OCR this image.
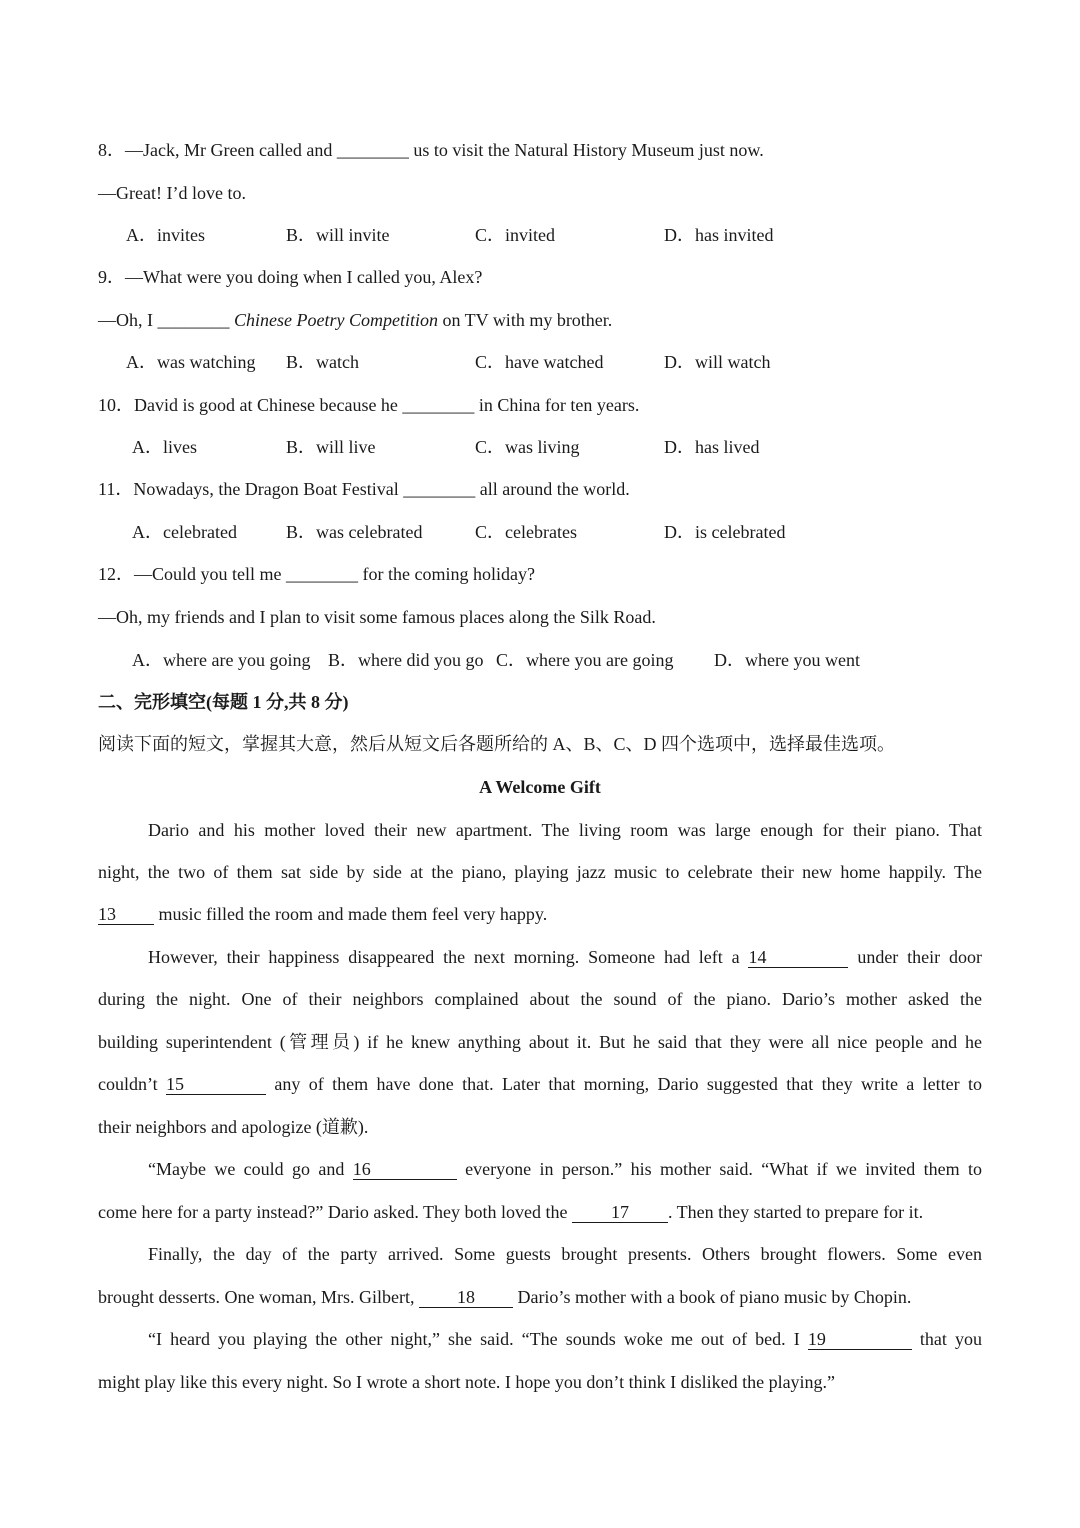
8．—Jack, Mr Green called and ________ us to visit the Natural History Museum just now.
—Great! I’d love to.
A．invites	B．will invite	C．invited	D．has invited
9．—What were you doing when I called you, Alex?
—Oh, I ________ Chinese Poetry Competition on TV with my brother.
A．was watching B．watch	C．have watched	D．will watch
10．David is good at Chinese because he ________ in China for ten years.
A．lives	B．will live	C．was living	D．has lived
11．Nowadays, the Dragon Boat Festival ________ all around the world.
A．celebrated	B．was celebrated	C．celebrates	D．is celebrated
12．—Could you tell me ________ for the coming holiday?
—Oh, my friends and I plan to visit some famous places along the Silk Road.
A．where are you going B．where did you go C．where you are going D．where you went
二、完形填空(每题 1 分,共 8 分)
阅读下面的短文，掌握其大意，然后从短文后各题所给的 A、B、C、D 四个选项中，选择最佳选项。
A Welcome Gift
Dario and his mother loved their new apartment. The living room was large enough for their piano. That
night, the two of them sat side by side at the piano, playing jazz music to celebrate their new home happily. The
13 music filled the room and made them feel very happy.
However, their happiness disappeared the next morning. Someone had left a 14	under their door
during the night. One of their neighbors complained about the sound of the piano. Dario’s mother asked the
building superintendent (管理员) if he knew anything about it. But he said that they were all nice people and he
couldn’t 15	any of them have done that. Later that morning, Dario suggested that they write a letter to
their neighbors and apologize (道歉).
“Maybe we could go and 16	everyone in person.” his mother said. “What if we invited them to
come here for a party instead?” Dario asked. They both loved the 17 . Then they started to prepare for it.
Finally, the day of the party arrived. Some guests brought presents. Others brought flowers. Some even
brought desserts. One woman, Mrs. Gilbert, 18 Dario’s mother with a book of piano music by Chopin.
“I heard you playing the other night,” she said. “The sounds woke me out of bed. I 19	that you
might play like this every night. So I wrote a short note. I hope you don’t think I disliked the playing.”
